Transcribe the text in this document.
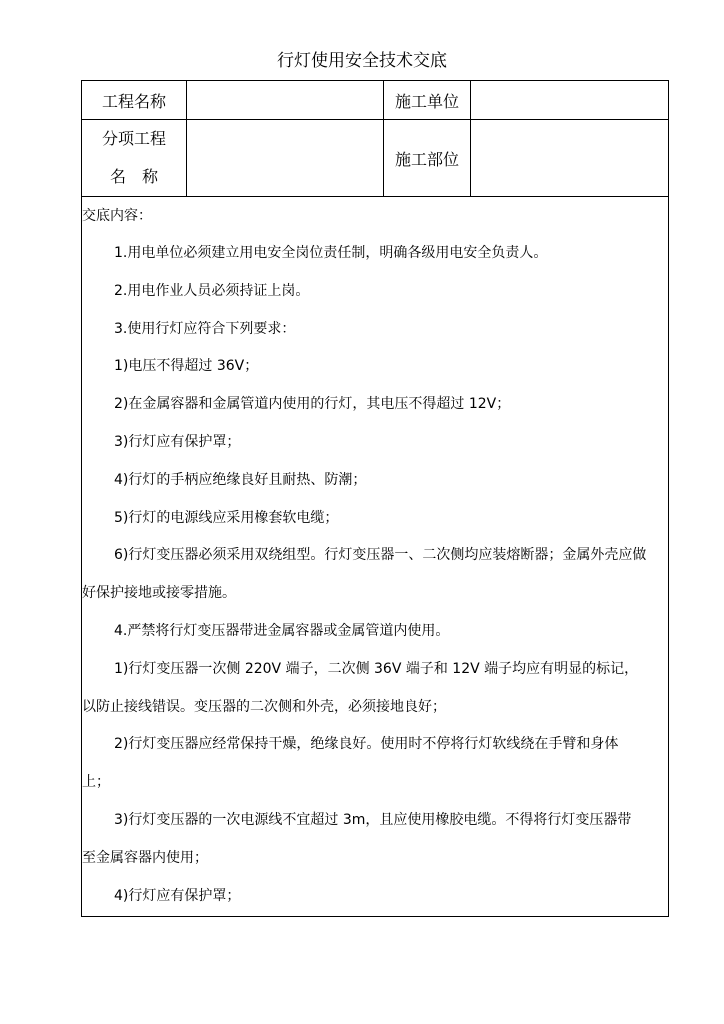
行灯使用安全技术交底
工程名称	施工单位
分项工程
名　称
施工部位

交底内容：

1.用电单位必须建立用电安全岗位责任制，明确各级用电安全负责人。

2.用电作业人员必须持证上岗。

3.使用行灯应符合下列要求：

1)电压不得超过 36V；

2)在金属容器和金属管道内使用的行灯，其电压不得超过 12V；

3)行灯应有保护罩；

4)行灯的手柄应绝缘良好且耐热、防潮；

5)行灯的电源线应采用橡套软电缆；

6)行灯变压器必须采用双绕组型。行灯变压器一、二次侧均应装熔断器；金属外壳应做

好保护接地或接零措施。

4.严禁将行灯变压器带进金属容器或金属管道内使用。

1)行灯变压器一次侧 220V 端子，二次侧 36V 端子和 12V 端子均应有明显的标记，

以防止接线错误。变压器的二次侧和外壳，必须接地良好；

2)行灯变压器应经常保持干燥，绝缘良好。使用时不停将行灯软线绕在手臂和身体

上；

3)行灯变压器的一次电源线不宜超过 3m，且应使用橡胶电缆。不得将行灯变压器带

至金属容器内使用；

4)行灯应有保护罩；
